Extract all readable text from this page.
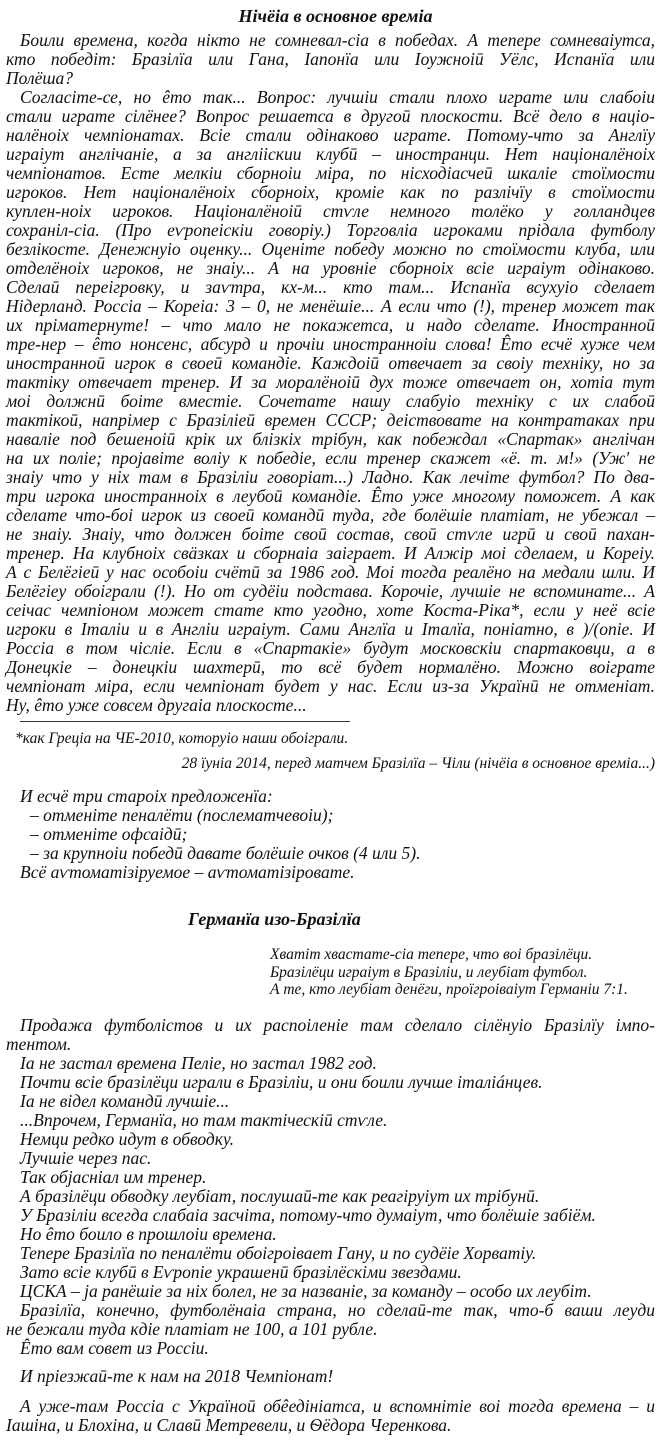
Нічёіа в основное времіа
Боили времена, когда нікто не сомневал-сіа в победах. А тепере сомневаіутса,
кто победіт: Бразілїа или Гана, Іапонїа или Іоужноіӣ Уёлс, Испанїа или
Полёша?
Согласіте-се, но êто так... Вопрос: лучшіи стали плохо играте или слабоіи
стали играте сілёнее? Вопрос решаетса в другоӣ плоскости. Всё дело в націо-
налёноіх чемпіонатах. Всіе стали одінаково играте. Потому-что за Англїу
играіут англічаніе, а за англііскии клубӣ – иностранци. Нет націоналёноіх
чемпіонатов. Есте мелкіи сборноіи міра, по нісходіасчеӣ шкаліе стоїмости
игроков. Нет націоналёноіх сборноіх, кроміе как по разлічїу в стоїмости
куплен-ноіх игроков. Націоналёноіӣ стѵле немного толёко у голландцев
сохраніл-сіа. (Про еѵропеіскіи говоріу.) Торговліа игроками прідала футболу
безлікосте. Денежнуіо оценку... Оценіте победу можно по стоїмости клуба, или
отделёноіх игроков, не знаіу... А на уровніе сборноіх всіе играіут одінаково.
Сделаӣ переігровку, и заѵтра, кх-м... кто там... Испанїа всухуіо сделает
Нідерланд. Россіа – Кореіа: 3 – 0, не менёшіе... А если что (!), тренер может так
их пріматернуте! – что мало не покажетса, и надо сделате. Иностранноӣ
тре-нер – êто нонсенс, абсурд и прочіи иностранноіи слова! Êто есчё хуже чем
иностранноӣ игрок в своеӣ командіе. Каждоіӣ отвечает за своіу техніку, но за
тактіку отвечает тренер. И за моралёноіӣ дух тоже отвечает он, хотіа тут
моі должнӣ боіте вместіе. Сочетате нашу слабуіо техніку с их слабоӣ
тактікоӣ, напрімер с Бразіліеӣ времен СССР; деіствовате на контратаках при
наваліе под бешеноіӣ крік их блізкіх трібун, как побеждал «Спартак» англічан
на их поліе; проjавіте воліу к победіе, если тренер скажет «ё. т. м!» (Уж' не
знаіу что у ніх там в Бразіліи говоріат...) Ладно. Как лечіте футбол? По два-
три игрока иностранноіх в леубоӣ командіе. Êто уже многому поможет. А как
сделате что-боі игрок из своеӣ командӣ туда, где болёшіе платіат, не убежал –
не знаіу. Знаіу, что должен боіте своӣ состав, своӣ стѵле игрӣ и своӣ пахан-
тренер. На клубноіх свäзках и сборнаіа заіграет. И Алжір моі сделаем, и Кореіу.
А с Белёгіеӣ у нас особоіи счётӣ за 1986 год. Моі тогда реалёно на медали шли. И
Белёгіеу обоіграли (!). Но от судёіи подстава. Корочіе, лучшіе не вспоминате... А
сеічас чемпіоном может стате кто угодно, хоте Коста-Ріка*, если у неё всіе
игроки в Італіи и в Англіи играіут. Сами Англїа и Італїа, поніатно, в )/(опіе. И
Россіа в том чісліе. Если в «Спартакіе» будут московскіи спартаковци, а в
Донецкіе – донецкіи шахтерӣ, то всё будет нормалёно. Можно воіграте
чемпіонат міра, если чемпіонат будет у нас. Если из-за Українӣ не отменіат.
Ну, êто уже совсем другаіа плоскосте...
*как Греціа на ЧЕ-2010, которуіо наши обоіграли.
28 їуніа 2014, перед матчем Бразілїа – Чіли (нічёіа в основное времіа...)
И есчё три староіх предложенїа:
– отменіте пеналёти (послематчевоіи);
– отменіте офсаідӣ;
– за крупноіи победӣ давате болёшіе очков (4 или 5).
Всё аѵтоматізіруемое – аѵтоматізіровате.
Германїа изо-Бразілїа
Хватіт хвастате-сіа тепере, что воі бразілёци.
Бразілёци играіут в Бразіліи, и леубіат футбол.
А те, кто леубіат денёги, проїгроіваіут Германіи 7:1.
Продажа футболістов и их распоіленіе там сделало сілёнуіо Бразілїу імпо-
тентом.
Іа не застал времена Пеліе, но застал 1982 год.
Почти всіе бразілёци играли в Бразіліи, и они боили лучше італіáнцев.
Іа не відел командӣ лучшіе...
...Впрочем, Германїа, но там тактіческіӣ стѵле.
Немци редко идут в обводку.
Лучшіе через пас.
Так обjасніал им тренер.
А бразілёци обводку леубіат, послушаӣ-те как реагіруіут их трібунӣ.
У Бразіліи всегда слабаіа засчіта, потому-что думаіут, что болёшіе забіём.
Но êто боило в прошлоіи времена.
Тепере Бразілїа по пеналёти обоігроівает Гану, и по судёіе Хорватіу.
Зато всіе клубӣ в Еѵропіе украшенӣ бразілёскіми звездами.
ЦСКА – jа ранёшіе за ніх болел, не за названіе, за команду – особо их леубіт.
Бразілїа, конечно, футболёнаіа страна, но сделаӣ-те так, что-б ваши леуди
не бежали туда кдіе платіат не 100, а 101 рубле.
Êто вам совет из Россіи.
И пріезжаӣ-те к нам на 2018 Чемпіонат!
А уже-там Россіа с Україноӣ обêедініатса, и вспомнітіе воі тогда времена – и
Іашіна, и Блохіна, и Славӣ Метревели, и Ѳёдора Черенкова.
